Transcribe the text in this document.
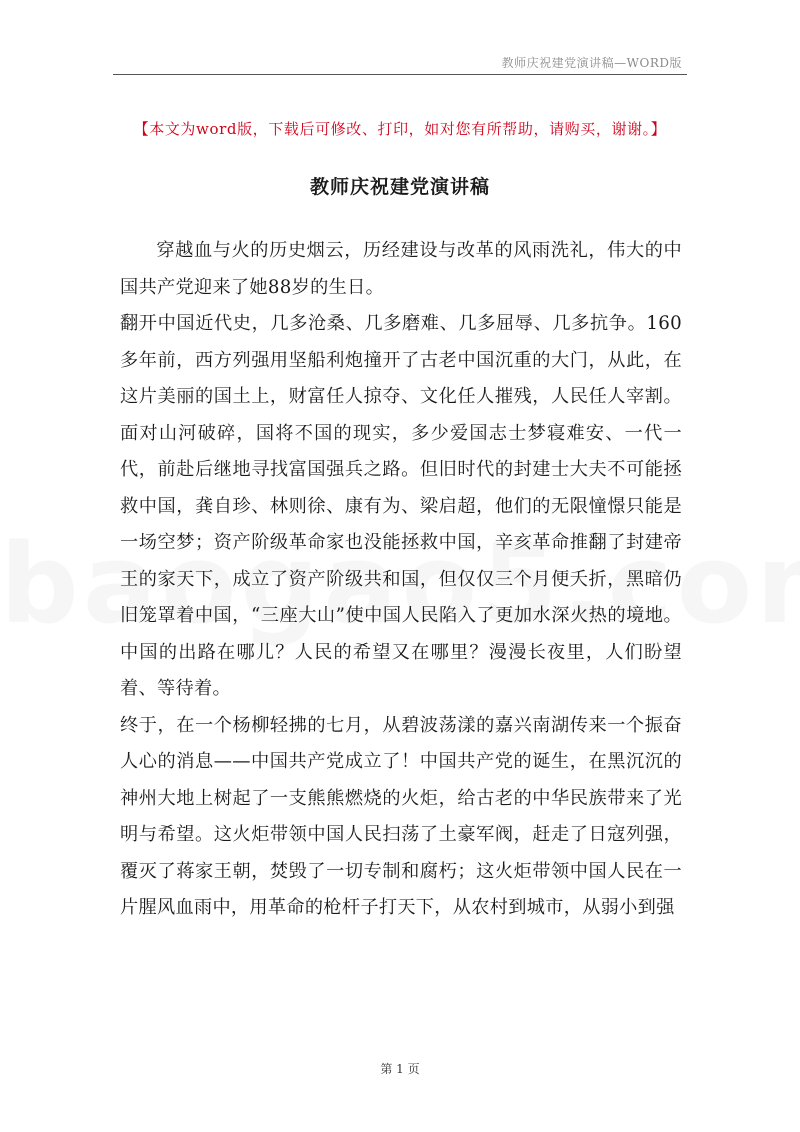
教师庆祝建党演讲稿—WORD版
【本文为word版，下载后可修改、打印，如对您有所帮助，请购买，谢谢。】
教师庆祝建党演讲稿

穿越血与火的历史烟云，历经建设与改革的风雨洗礼，伟大的中国共产党迎来了她88岁的生日。

翻开中国近代史，几多沧桑、几多磨难、几多屈辱、几多抗争。160多年前，西方列强用坚船利炮撞开了古老中国沉重的大门，从此，在这片美丽的国土上，财富任人掠夺、文化任人摧残，人民任人宰割。面对山河破碎，国将不国的现实，多少爱国志士梦寝难安、一代一代，前赴后继地寻找富国强兵之路。但旧时代的封建士大夫不可能拯救中国，龚自珍、林则徐、康有为、梁启超，他们的无限憧憬只能是一场空梦；资产阶级革命家也没能拯救中国，辛亥革命推翻了封建帝王的家天下，成立了资产阶级共和国，但仅仅三个月便夭折，黑暗仍旧笼罩着中国，“三座大山”使中国人民陷入了更加水深火热的境地。中国的出路在哪儿？人民的希望又在哪里？漫漫长夜里，人们盼望着、等待着。

终于，在一个杨柳轻拂的七月，从碧波荡漾的嘉兴南湖传来一个振奋人心的消息——中国共产党成立了！中国共产党的诞生，在黑沉沉的神州大地上树起了一支熊熊燃烧的火炬，给古老的中华民族带来了光明与希望。这火炬带领中国人民扫荡了土豪军阀，赶走了日寇列强，覆灭了蒋家王朝，焚毁了一切专制和腐朽；这火炬带领中国人民在一片腥风血雨中，用革命的枪杆子打天下，从农村到城市，从弱小到强

第 1 页
